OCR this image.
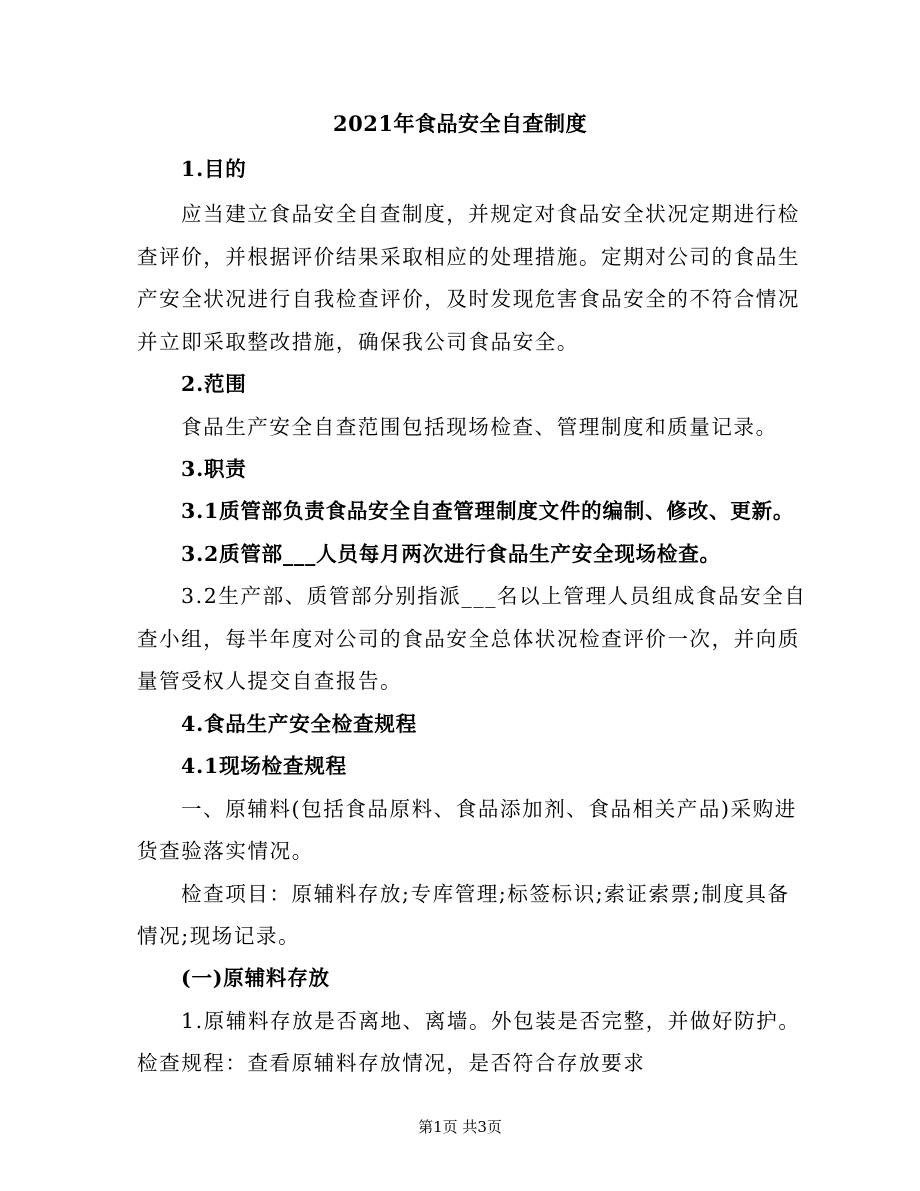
2021年食品安全自查制度
1.目的
应当建立食品安全自查制度，并规定对食品安全状况定期进行检
查评价，并根据评价结果采取相应的处理措施。定期对公司的食品生
产安全状况进行自我检查评价，及时发现危害食品安全的不符合情况
并立即采取整改措施，确保我公司食品安全。
2.范围
食品生产安全自查范围包括现场检查、管理制度和质量记录。
3.职责
3.1质管部负责食品安全自查管理制度文件的编制、修改、更新。
3.2质管部___人员每月两次进行食品生产安全现场检查。
3.2生产部、质管部分别指派___名以上管理人员组成食品安全自
查小组，每半年度对公司的食品安全总体状况检查评价一次，并向质
量管受权人提交自查报告。
4.食品生产安全检查规程
4.1现场检查规程
一、原辅料(包括食品原料、食品添加剂、食品相关产品)采购进
货查验落实情况。
检查项目：原辅料存放;专库管理;标签标识;索证索票;制度具备
情况;现场记录。
(一)原辅料存放
1.原辅料存放是否离地、离墙。外包装是否完整，并做好防护。
检查规程：查看原辅料存放情况，是否符合存放要求
第1页 共3页
